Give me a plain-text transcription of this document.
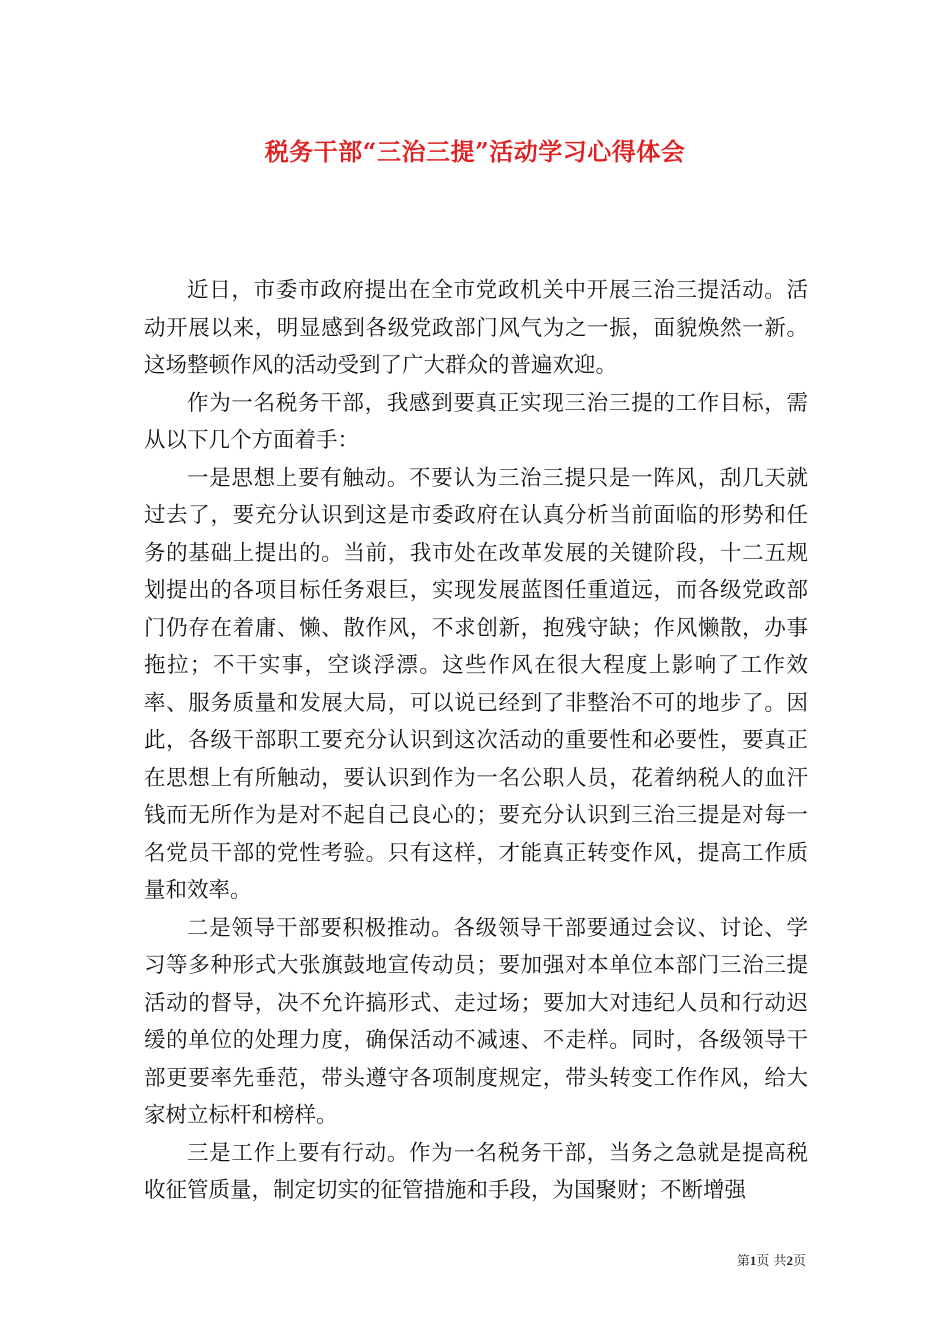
税务干部“三治三提”活动学习心得体会

近日，市委市政府提出在全市党政机关中开展三治三提活动。活动开展以来，明显感到各级党政部门风气为之一振，面貌焕然一新。这场整顿作风的活动受到了广大群众的普遍欢迎。

作为一名税务干部，我感到要真正实现三治三提的工作目标，需从以下几个方面着手：

一是思想上要有触动。不要认为三治三提只是一阵风，刮几天就过去了，要充分认识到这是市委政府在认真分析当前面临的形势和任务的基础上提出的。当前，我市处在改革发展的关键阶段，十二五规划提出的各项目标任务艰巨，实现发展蓝图任重道远，而各级党政部门仍存在着庸、懒、散作风，不求创新，抱残守缺；作风懒散，办事拖拉；不干实事，空谈浮漂。这些作风在很大程度上影响了工作效率、服务质量和发展大局，可以说已经到了非整治不可的地步了。因此，各级干部职工要充分认识到这次活动的重要性和必要性，要真正在思想上有所触动，要认识到作为一名公职人员，花着纳税人的血汗钱而无所作为是对不起自己良心的；要充分认识到三治三提是对每一名党员干部的党性考验。只有这样，才能真正转变作风，提高工作质量和效率。

二是领导干部要积极推动。各级领导干部要通过会议、讨论、学习等多种形式大张旗鼓地宣传动员；要加强对本单位本部门三治三提活动的督导，决不允许搞形式、走过场；要加大对违纪人员和行动迟缓的单位的处理力度，确保活动不减速、不走样。同时，各级领导干部更要率先垂范，带头遵守各项制度规定，带头转变工作作风，给大家树立标杆和榜样。

三是工作上要有行动。作为一名税务干部，当务之急就是提高税收征管质量，制定切实的征管措施和手段，为国聚财；不断增强

第1页 共2页
